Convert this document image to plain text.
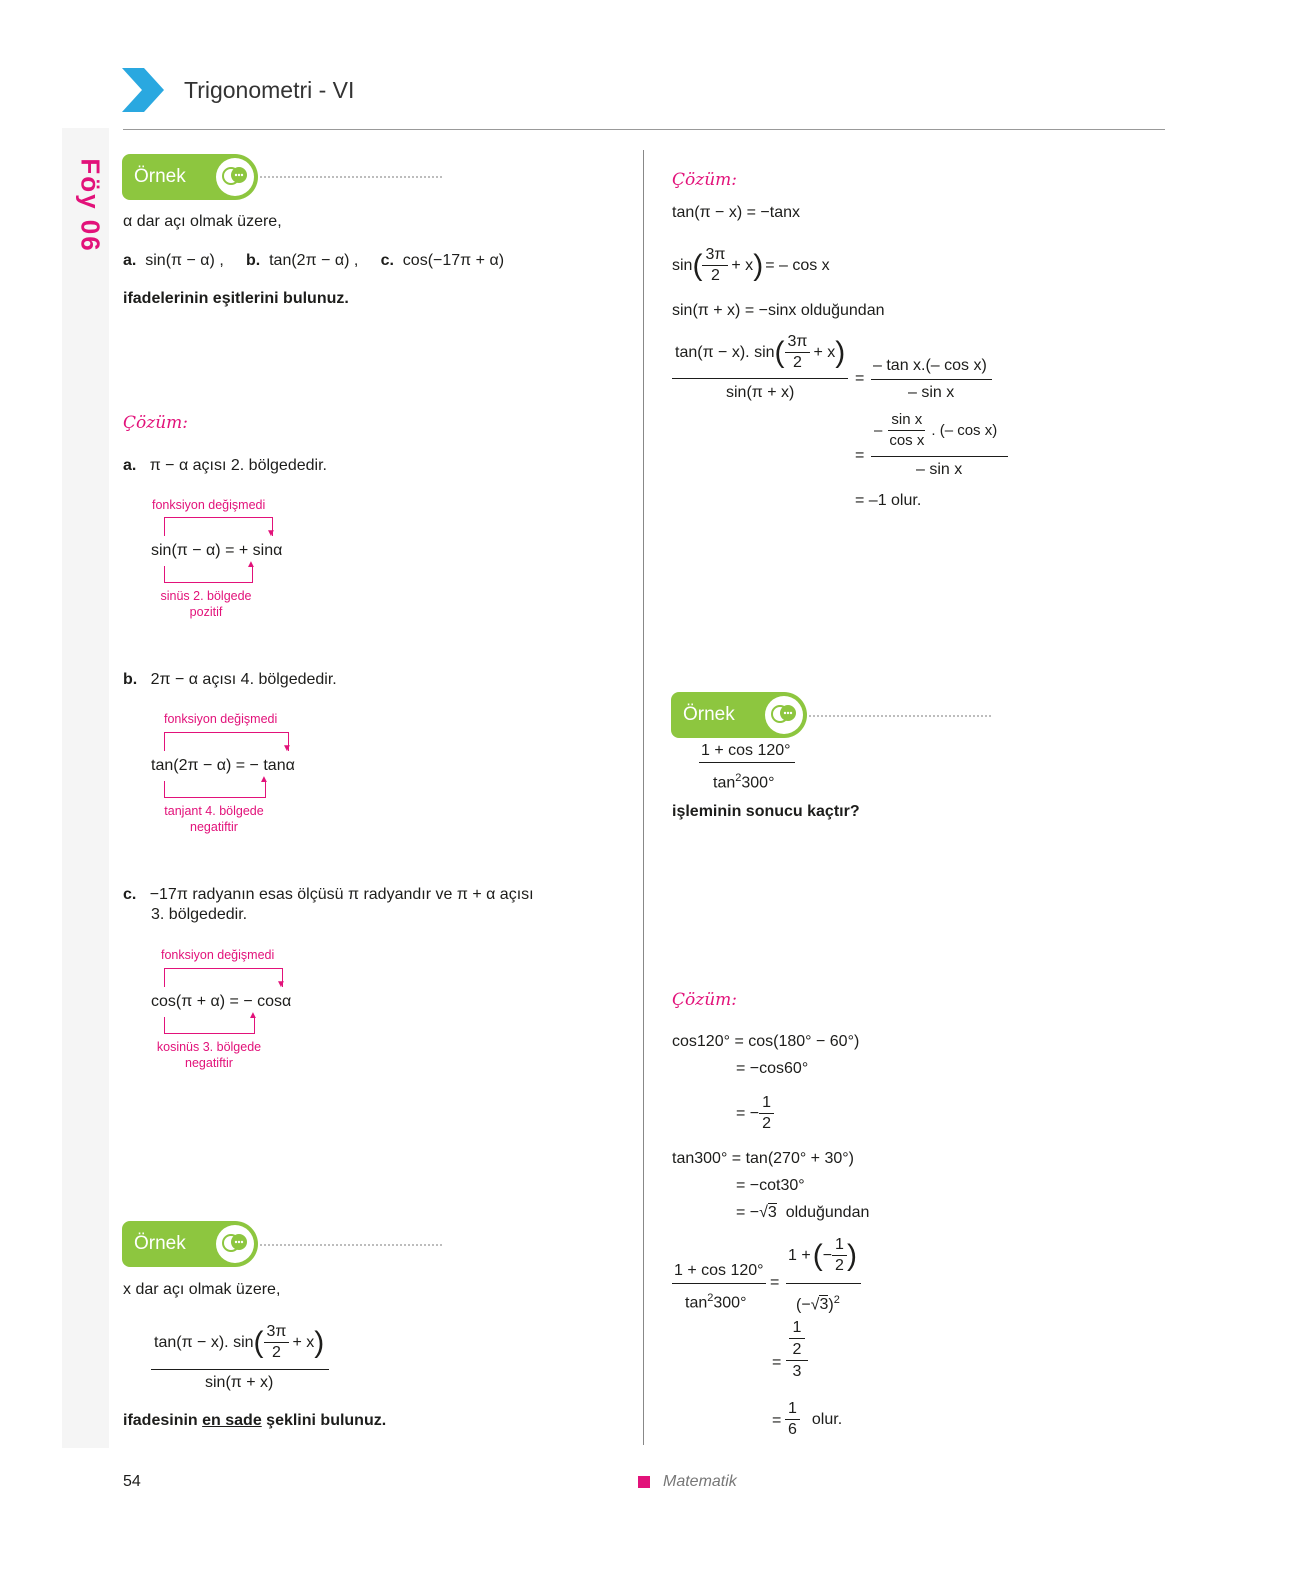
Trigonometri - VI
Föy 06 Örnek
α dar açı olmak üzere,
a. sin(π − α) , b. tan(2π − α) , c. cos(−17π + α)
ifadelerinin eşitlerini bulunuz.
Çözüm:
a. π − α açısı 2. bölgededir.
fonksiyon değişmedi
▼
sin(π − α) = + sinα
▲
sinüs 2. bölgede
pozitif
b. 2π − α açısı 4. bölgededir.
fonksiyon değişmedi
▼
tan(2π − α) = − tanα
▲
tanjant 4. bölgede
negatiftir
c. −17π radyanın esas ölçüsü π radyandır ve π + α açısı
3. bölgededir.
fonksiyon değişmedi
▼
cos(π + α) = − cosα
▲
kosinüs 3. bölgede
negatiftir
Örnek
x dar açı olmak üzere,
tan(π − x). sin ( $\frac{3\pi}{2} + x$ )
sin(π + x)
ifadesinin en sade şeklini bulunuz.
Çözüm:
tan(π − x) = −tanx
sin ( $\frac{3\pi}{2} + x$ ) = – cos x
sin(π + x) = −sinx olduğundan
tan(π − x). sin ( $\frac{3\pi}{2} + x$ )
sin(π + x)
=
– tan x.(– cos x)
– sin x
=
– $\frac{\text{sin x}}{\text{cos x}}$ . (– cos x)
– sin x
= –1 olur.
Örnek
1 + cos 120°
$\tan^2300^\circ$
işleminin sonucu kaçtır?
Çözüm:
cos120° = cos(180° − 60°)
= −cos60°
= − $\frac{1}{2}$
tan300° = tan(270° + 30°)
= −cot30°
= −√3 olduğundan
1 + cos 120°
$\tan^2300^\circ$
=
1 + ( − $\frac{1}{2}$ )
$(-√3)^2$
=
1
2
3
= $\frac{1}{6}$ olur.
54	Matematik
